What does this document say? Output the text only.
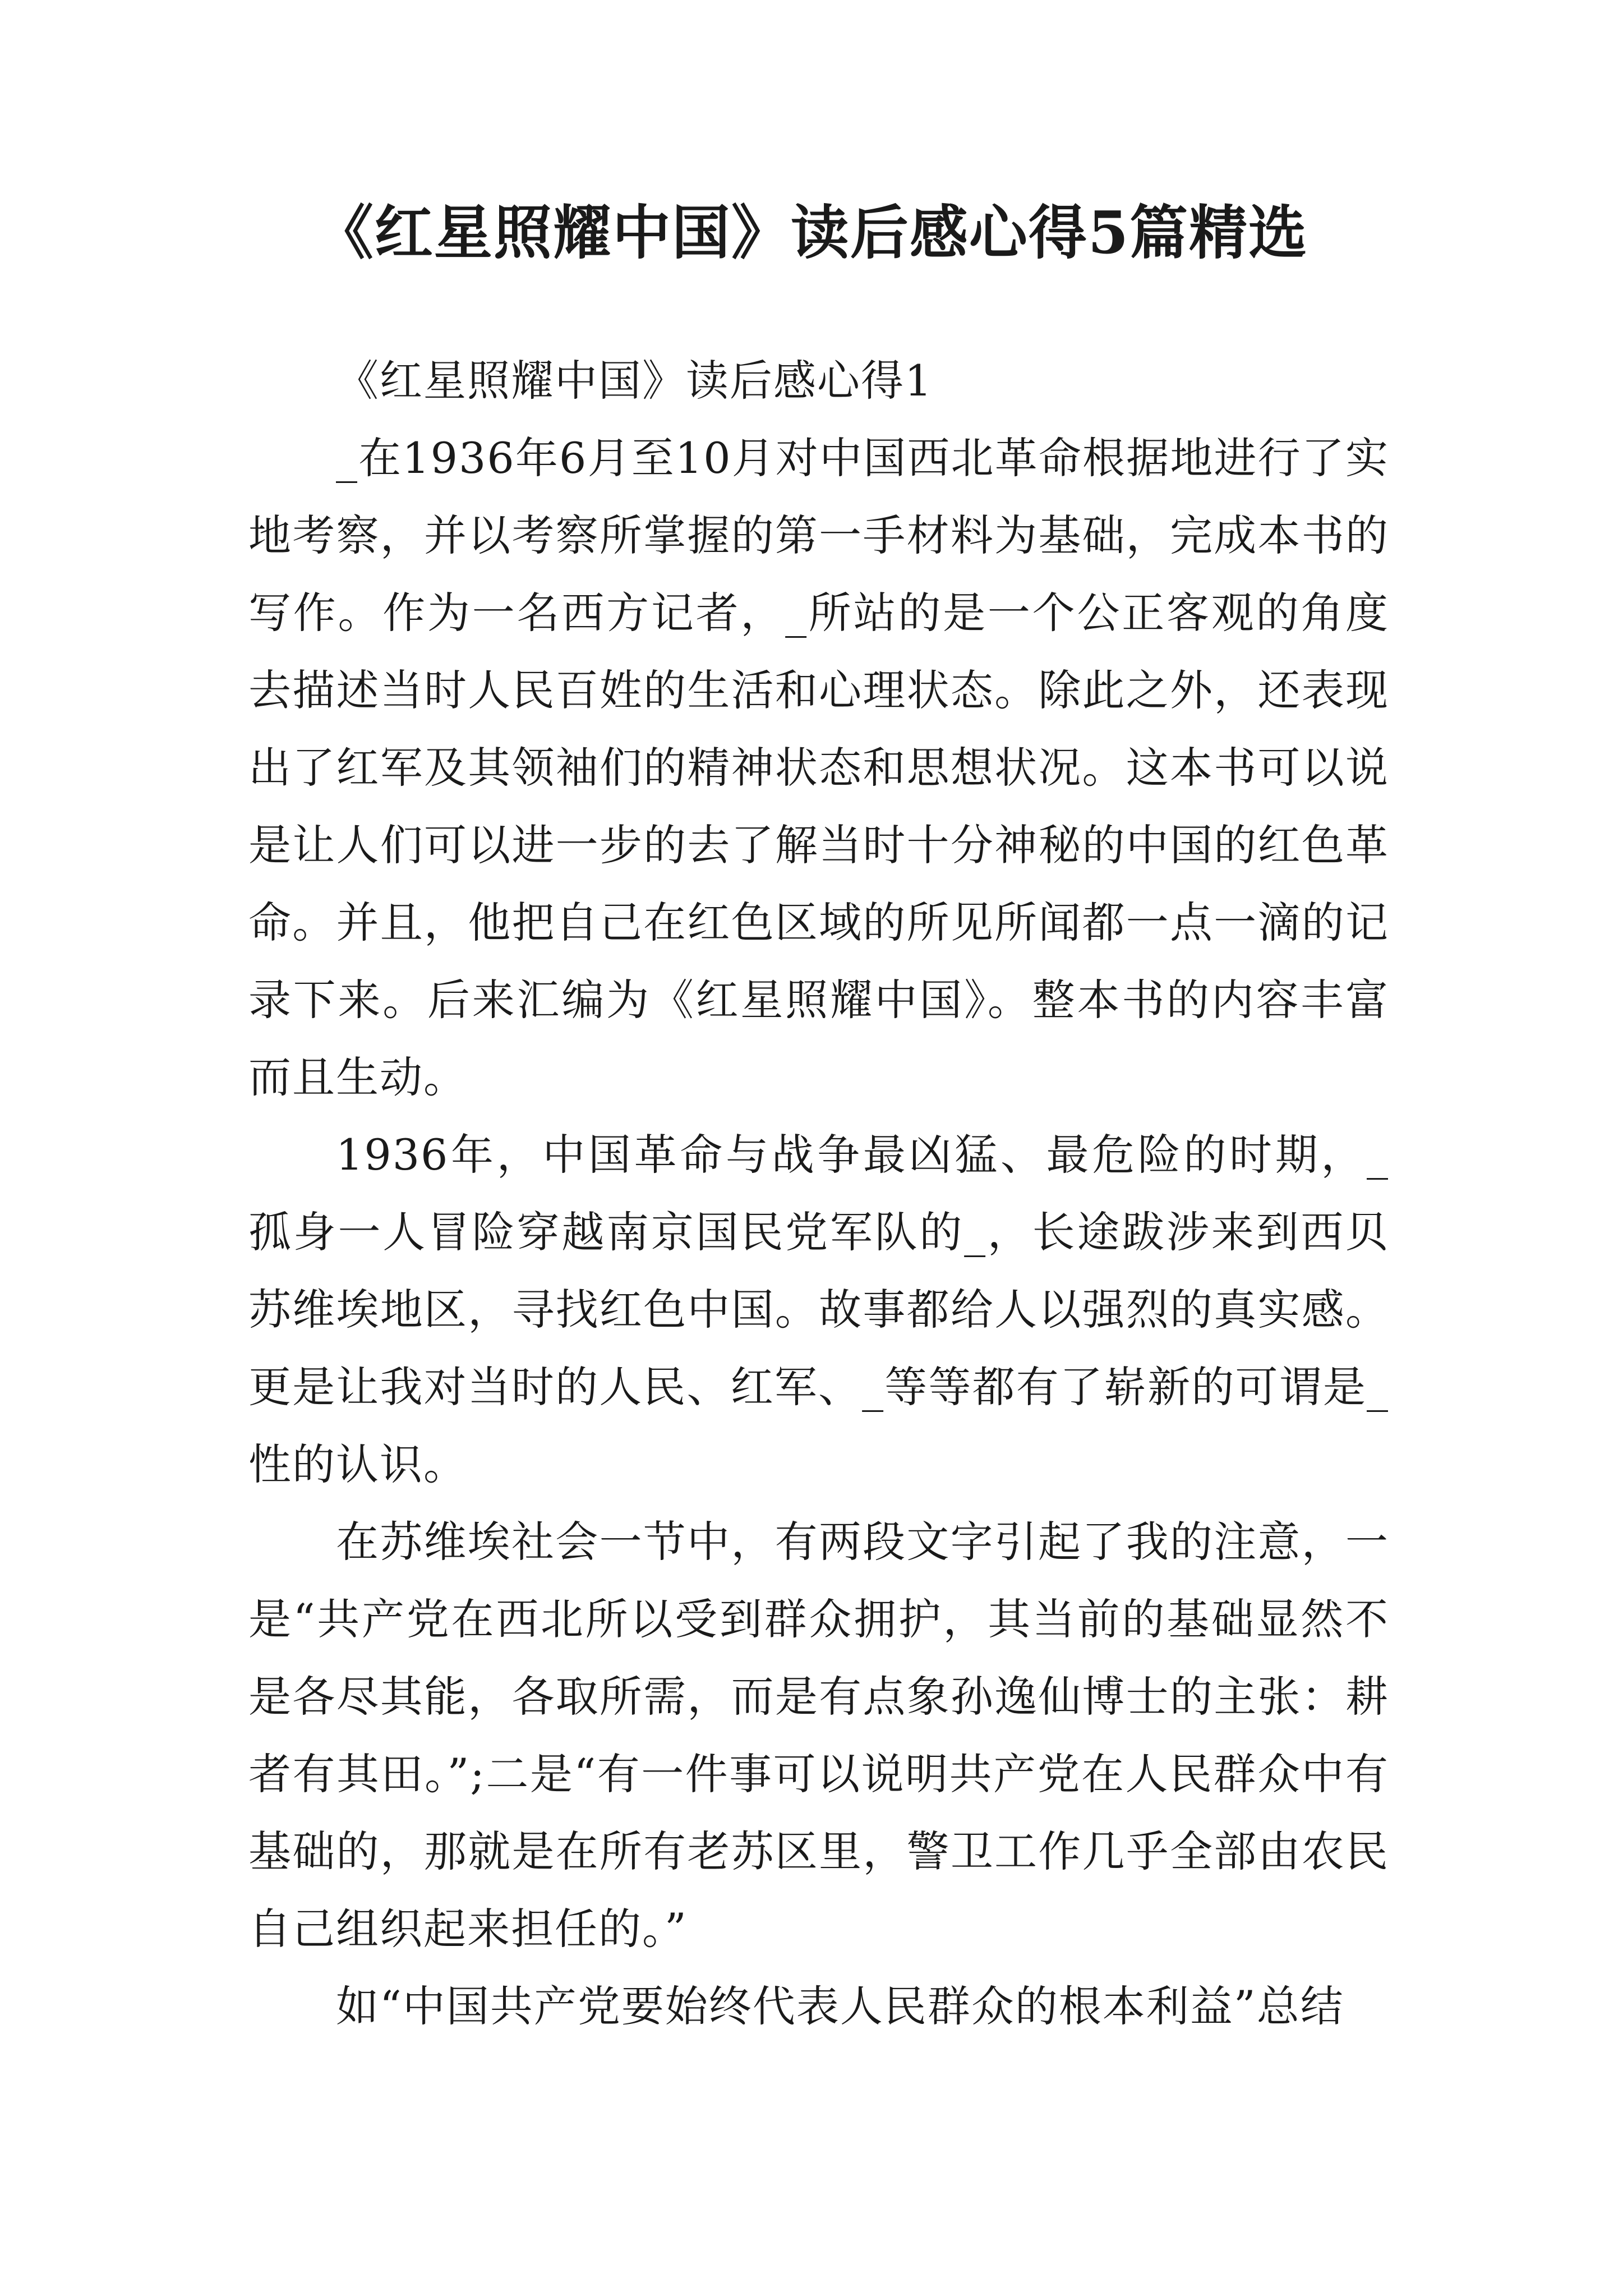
《红星照耀中国》读后感心得5篇精选

《红星照耀中国》读后感心得1

_在1936年6月至10月对中国西北革命根据地进行了实地考察，并以考察所掌握的第一手材料为基础，完成本书的写作。作为一名西方记者，_所站的是一个公正客观的角度去描述当时人民百姓的生活和心理状态。除此之外，还表现出了红军及其领袖们的精神状态和思想状况。这本书可以说是让人们可以进一步的去了解当时十分神秘的中国的红色革命。并且，他把自己在红色区域的所见所闻都一点一滴的记录下来。后来汇编为《红星照耀中国》。整本书的内容丰富而且生动。

1936年，中国革命与战争最凶猛、最危险的时期，_孤身一人冒险穿越南京国民党军队的_，长途跋涉来到西贝苏维埃地区，寻找红色中国。故事都给人以强烈的真实感。更是让我对当时的人民、红军、_等等都有了崭新的可谓是_性的认识。

在苏维埃社会一节中，有两段文字引起了我的注意，一是“共产党在西北所以受到群众拥护，其当前的基础显然不是各尽其能，各取所需，而是有点象孙逸仙博士的主张：耕者有其田。”;二是“有一件事可以说明共产党在人民群众中有基础的，那就是在所有老苏区里，警卫工作几乎全部由农民自己组织起来担任的。”

如“中国共产党要始终代表人民群众的根本利益”总结
